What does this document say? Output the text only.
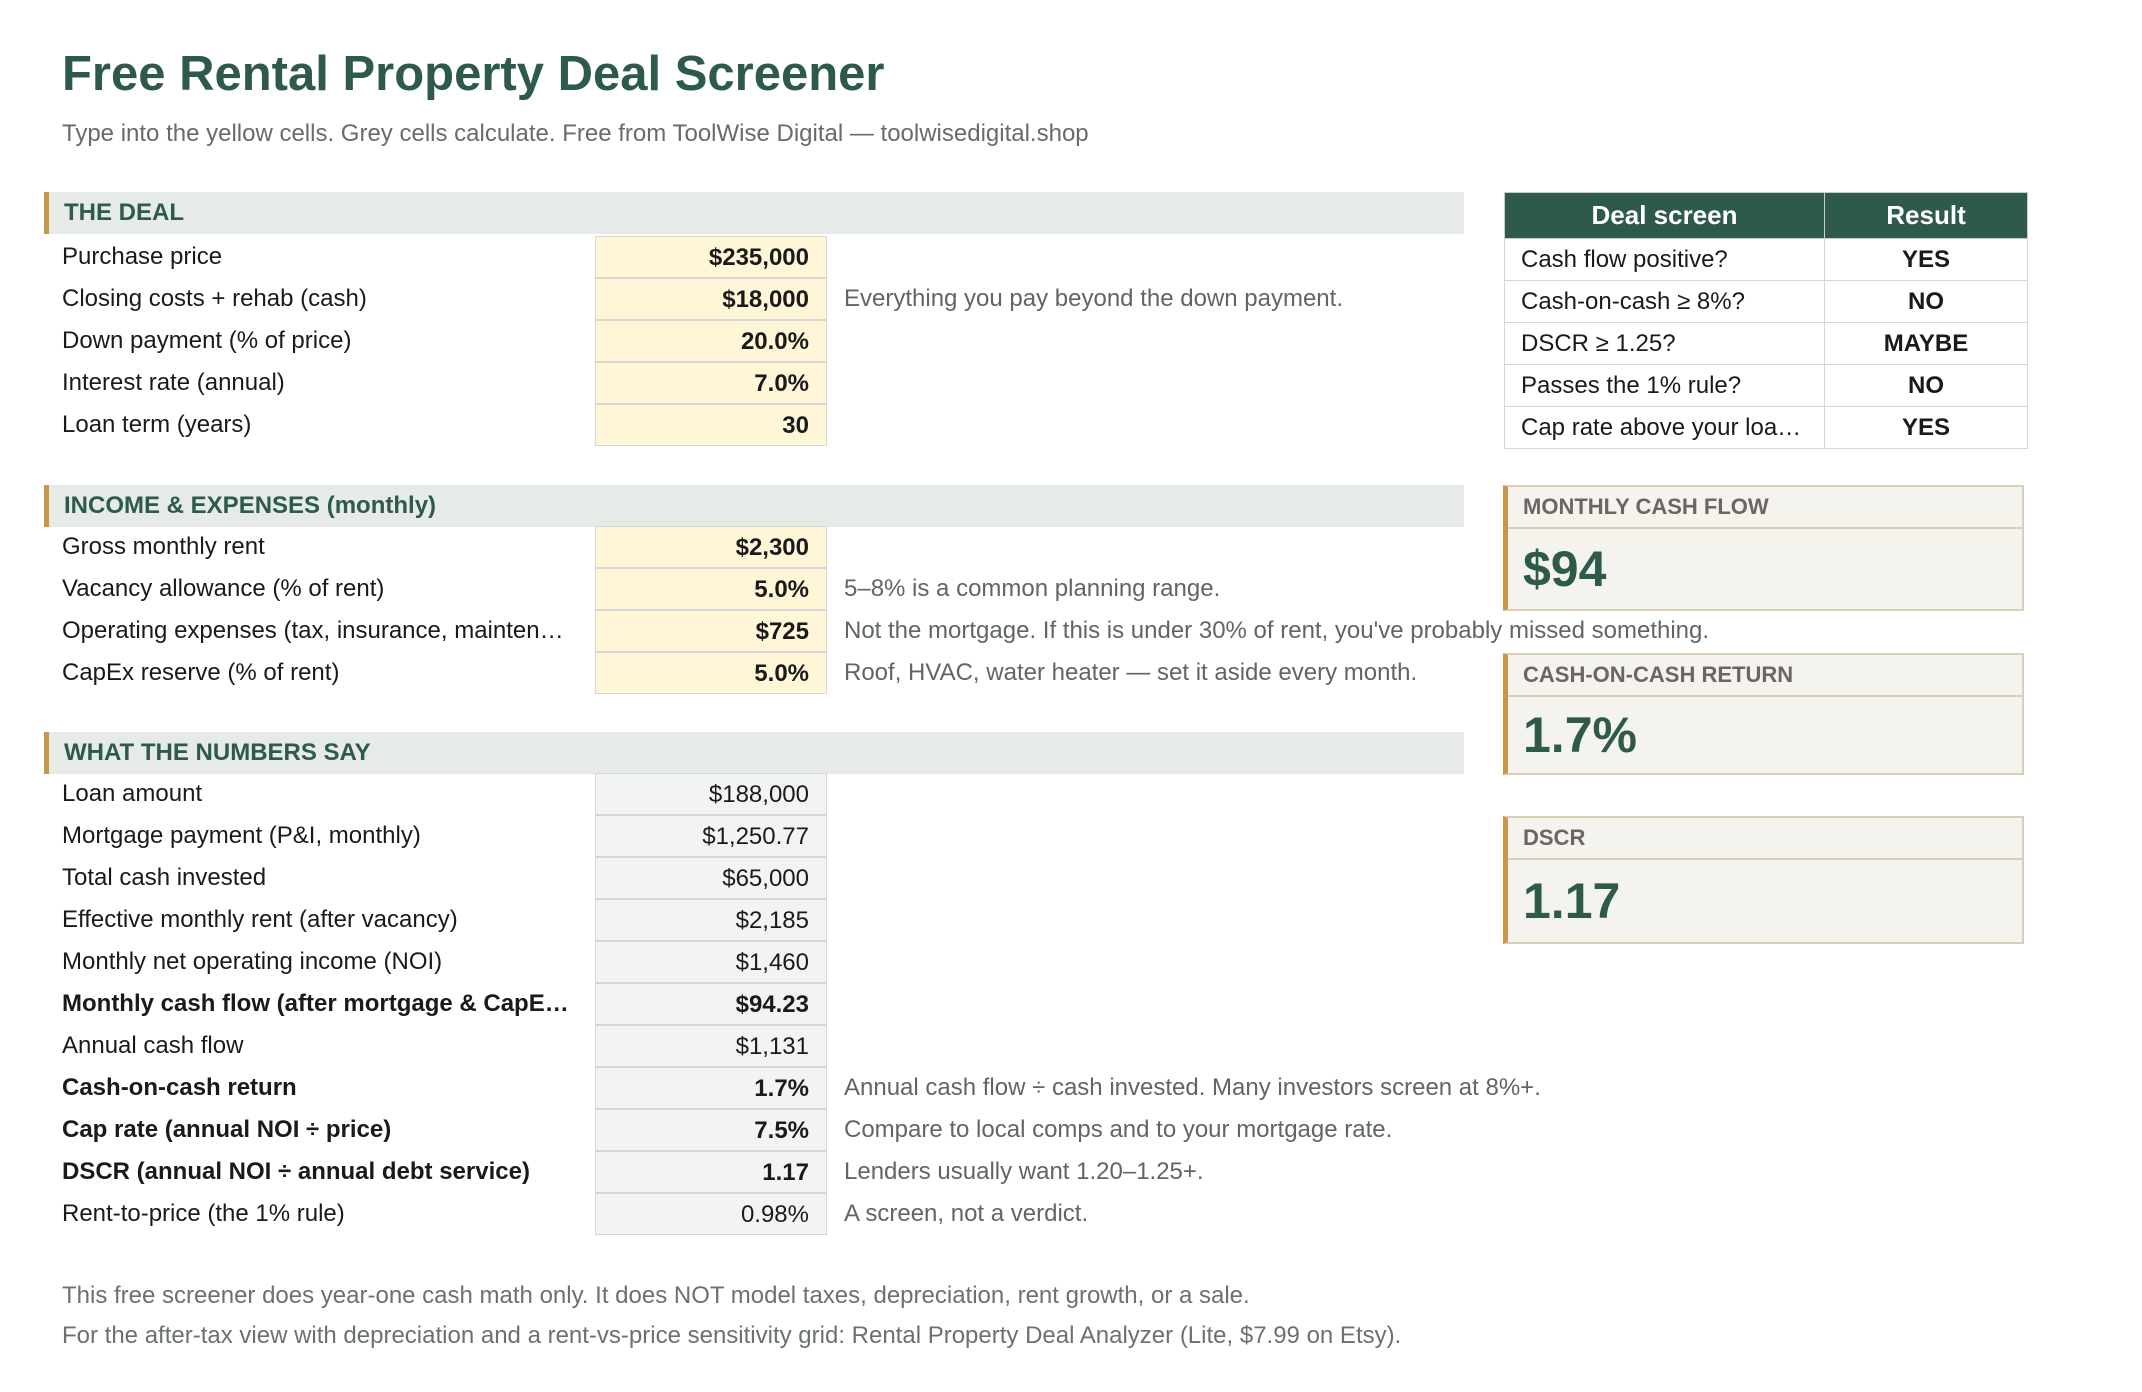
Free Rental Property Deal Screener
Type into the yellow cells. Grey cells calculate. Free from ToolWise Digital — toolwisedigital.shop
THE DEAL
Purchase price	$235,000
Closing costs + rehab (cash)	$18,000	Everything you pay beyond the down payment.
Down payment (% of price)	20.0%
Interest rate (annual)	7.0%
Loan term (years)	30
INCOME & EXPENSES (monthly)
Gross monthly rent	$2,300
Vacancy allowance (% of rent)	5.0%	5–8% is a common planning range.
Operating expenses (tax, insurance, mainten…	$725	Not the mortgage. If this is under 30% of rent, you've probably missed something.
CapEx reserve (% of rent)	5.0%	Roof, HVAC, water heater — set it aside every month.
WHAT THE NUMBERS SAY
Loan amount	$188,000
Mortgage payment (P&I, monthly)	$1,250.77
Total cash invested	$65,000
Effective monthly rent (after vacancy)	$2,185
Monthly net operating income (NOI)	$1,460
Monthly cash flow (after mortgage & CapE…	$94.23
Annual cash flow	$1,131
Cash-on-cash return	1.7%	Annual cash flow ÷ cash invested. Many investors screen at 8%+.
Cap rate (annual NOI ÷ price)	7.5%	Compare to local comps and to your mortgage rate.
DSCR (annual NOI ÷ annual debt service)	1.17	Lenders usually want 1.20–1.25+.
Rent-to-price (the 1% rule)	0.98%	A screen, not a verdict.
Deal screen	Result
Cash flow positive?	YES
Cash-on-cash ≥ 8%?	NO
DSCR ≥ 1.25?	MAYBE
Passes the 1% rule?	NO
Cap rate above your loa…	YES
MONTHLY CASH FLOW
$94
CASH-ON-CASH RETURN
1.7%
DSCR
1.17
This free screener does year-one cash math only. It does NOT model taxes, depreciation, rent growth, or a sale.
For the after-tax view with depreciation and a rent-vs-price sensitivity grid: Rental Property Deal Analyzer (Lite, $7.99 on Etsy).
